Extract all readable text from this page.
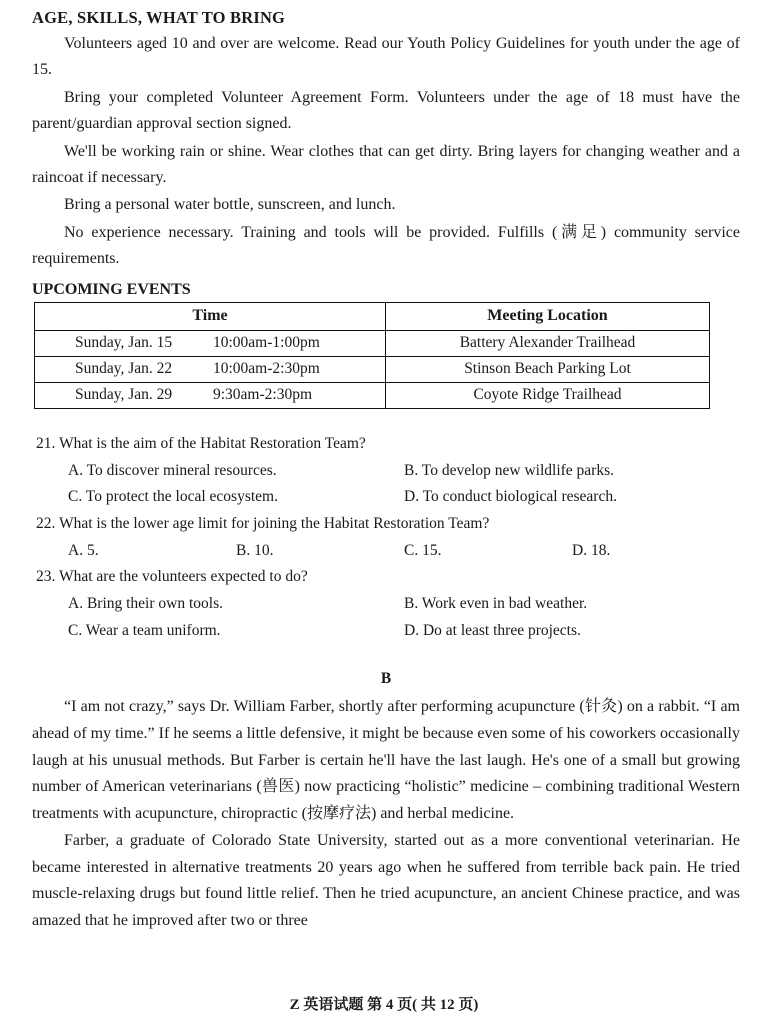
AGE, SKILLS, WHAT TO BRING

Volunteers aged 10 and over are welcome. Read our Youth Policy Guidelines for youth under the age of 15.

Bring your completed Volunteer Agreement Form. Volunteers under the age of 18 must have the parent/guardian approval section signed.

We'll be working rain or shine. Wear clothes that can get dirty. Bring layers for changing weather and a raincoat if necessary.

Bring a personal water bottle, sunscreen, and lunch.

No experience necessary. Training and tools will be provided. Fulfills (满足) community service requirements.

UPCOMING EVENTS
Time	Meeting Location
Sunday, Jan. 15 10:00am-1:00pm	Battery Alexander Trailhead
Sunday, Jan. 22 10:00am-2:30pm	Stinson Beach Parking Lot
Sunday, Jan. 29 9:30am-2:30pm	Coyote Ridge Trailhead

21. What is the aim of the Habitat Restoration Team?

A. To discover mineral resources.	B. To develop new wildlife parks.
C. To protect the local ecosystem.	D. To conduct biological research.

22. What is the lower age limit for joining the Habitat Restoration Team?

A. 5.	B. 10.	C. 15.	D. 18.

23. What are the volunteers expected to do?

A. Bring their own tools.	B. Work even in bad weather.
C. Wear a team uniform.	D. Do at least three projects.
B

“I am not crazy,” says Dr. William Farber, shortly after performing acupuncture (针灸) on a rabbit. “I am ahead of my time.” If he seems a little defensive, it might be because even some of his coworkers occasionally laugh at his unusual methods. But Farber is certain he'll have the last laugh. He's one of a small but growing number of American veterinarians (兽医) now practicing “holistic” medicine – combining traditional Western treatments with acupuncture, chiropractic (按摩疗法) and herbal medicine.

Farber, a graduate of Colorado State University, started out as a more conventional veterinarian. He became interested in alternative treatments 20 years ago when he suffered from terrible back pain. He tried muscle-relaxing drugs but found little relief. Then he tried acupuncture, an ancient Chinese practice, and was amazed that he improved after two or three

Z 英语试题 第 4 页( 共 12 页)
